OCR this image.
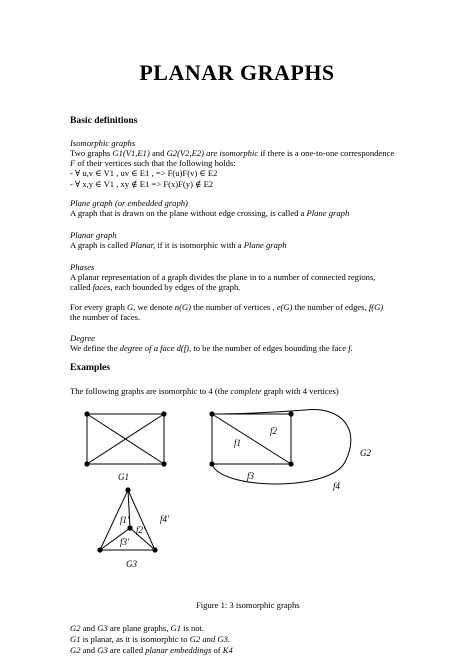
PLANAR GRAPHS
Basic definitions
Isomorphic graphs
Two graphs G1(V1,E1) and G2(V2,E2) are isomorphic if there is a one-to-one correspondence
F of their vertices such that the following holds:
- ∀ u,v ∈ V1 , uv ∈ E1 , => F(u)F(v) ∈ E2
- ∀ x,y ∈ V1 , xy ∉ E1 => F(x)F(y) ∉ E2
Plane graph (or embedded graph)
A graph that is drawn on the plane without edge crossing, is called a Plane graph
Planar graph
A graph is called Planar, if it is isomorphic with a Plane graph
Phases
A planar representation of a graph divides the plane in to a number of connected regions,
called faces, each bounded by edges of the graph.
For every graph G, we denote n(G) the number of vertices , e(G) the number of edges, f(G)
the number of faces.
Degree
We define the degree of a face d(f), to be the number of edges bounding the face f.
Examples
The following graphs are isomorphic to 4 (the complete graph with 4 vertices)
G1
f1
f2
f3
f4
G2
f1'
f2'
f3'
f4'
G3
Figure 1: 3 isomorphic graphs
G2 and G3 are plane graphs, G1 is not.
G1 is planar, as it is isomorphic to G2 and G3.
G2 and G3 are called planar embeddings of K4
